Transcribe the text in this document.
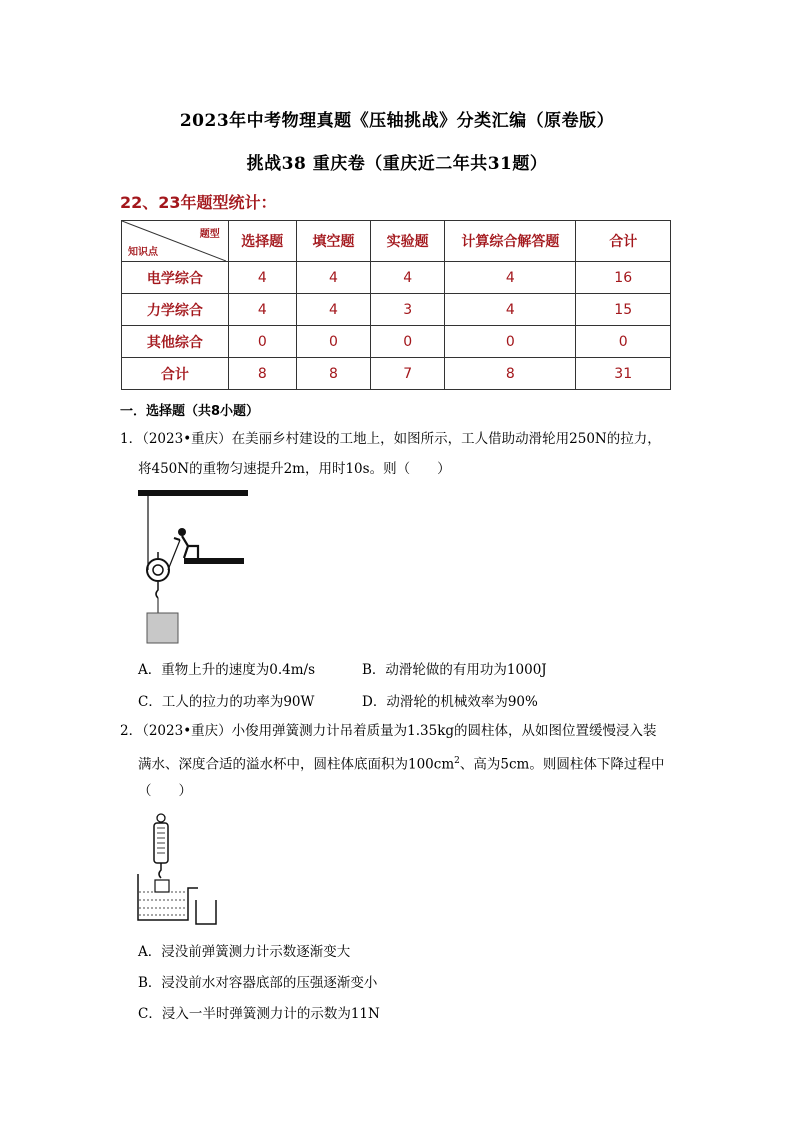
2023年中考物理真题《压轴挑战》分类汇编（原卷版）
挑战38 重庆卷（重庆近二年共31题）
22、23年题型统计：
题型
知识点	选择题	填空题	实验题	计算综合解答题	合计
电学综合	4	4	4	4	16
力学综合	4	4	3	4	15
其他综合	0	0	0	0	0
合计	8	8	7	8	31
一．选择题（共8小题）
1．（2023•重庆）在美丽乡村建设的工地上，如图所示，工人借助动滑轮用250N的拉力，
将450N的重物匀速提升2m，用时10s。则（　　）
A．重物上升的速度为0.4m/s	B．动滑轮做的有用功为1000J
C．工人的拉力的功率为90W	D．动滑轮的机械效率为90%
2．（2023•重庆）小俊用弹簧测力计吊着质量为1.35kg的圆柱体，从如图位置缓慢浸入装
满水、深度合适的溢水杯中，圆柱体底面积为$100cm^2$、高为5cm。则圆柱体下降过程中
（　　）
A．浸没前弹簧测力计示数逐渐变大
B．浸没前水对容器底部的压强逐渐变小
C．浸入一半时弹簧测力计的示数为11N
